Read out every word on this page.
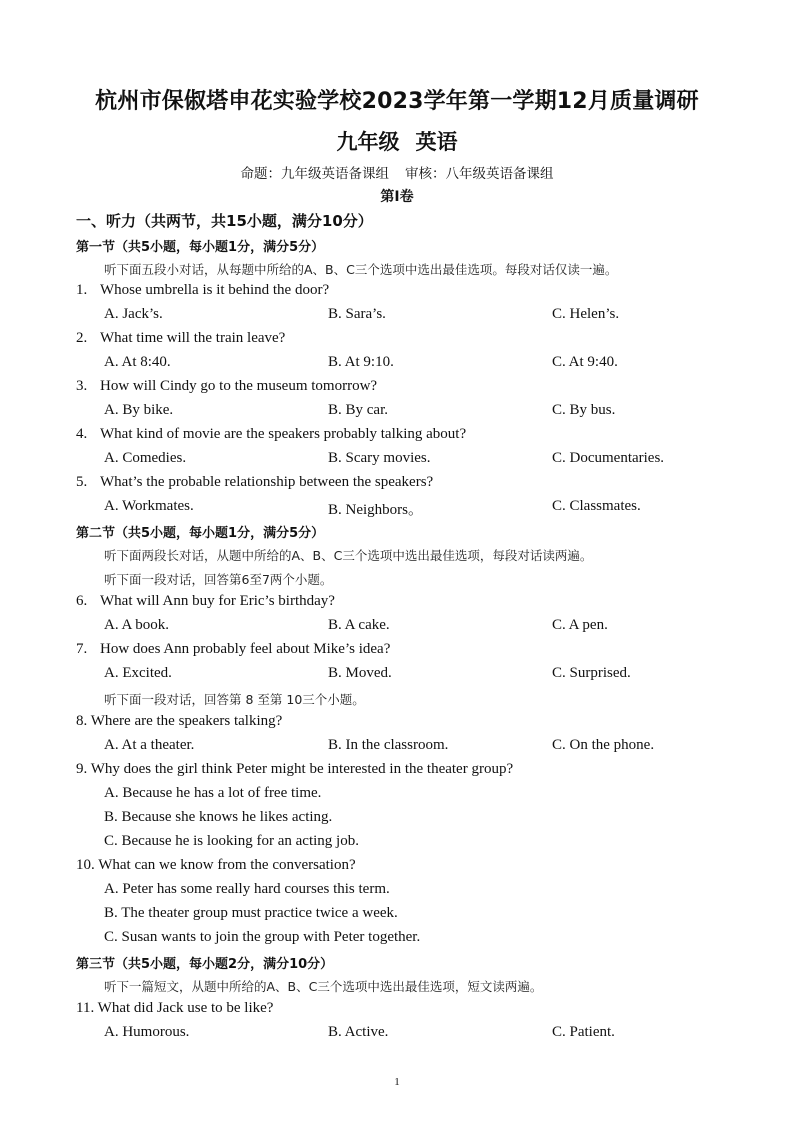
杭州市保俶塔申花实验学校2023学年第一学期12月质量调研
九年级 英语
命题：九年级英语备课组 审核：八年级英语备课组
第Ⅰ卷
一、听力（共两节，共15小题，满分10分）
第一节（共5小题，每小题1分，满分5分）
听下面五段小对话，从每题中所给的A、B、C三个选项中选出最佳选项。每段对话仅读一遍。
1. Whose umbrella is it behind the door?
A. Jack’s.	B. Sara’s.	C. Helen’s.
2. What time will the train leave?
A. At 8:40.	B. At 9:10.	C. At 9:40.
3. How will Cindy go to the museum tomorrow?
A. By bike.	B. By car.	C. By bus.
4. What kind of movie are the speakers probably talking about?
A. Comedies.	B. Scary movies.	C. Documentaries.
5. What’s the probable relationship between the speakers?
A. Workmates.	B. Neighbors。	C. Classmates.
第二节（共5小题，每小题1分，满分5分）
听下面两段长对话，从题中所给的A、B、C三个选项中选出最佳选项，每段对话读两遍。
听下面一段对话，回答第6至7两个小题。
6. What will Ann buy for Eric’s birthday?
A. A book.	B. A cake.	C. A pen.
7. How does Ann probably feel about Mike’s idea?
A. Excited.	B. Moved.	C. Surprised.
听下面一段对话，回答第 8 至第 10三个小题。
8. Where are the speakers talking?
A. At a theater.	B. In the classroom.	C. On the phone.
9. Why does the girl think Peter might be interested in the theater group?
A. Because he has a lot of free time.
B. Because she knows he likes acting.
C. Because he is looking for an acting job.
10. What can we know from the conversation?
A. Peter has some really hard courses this term.
B. The theater group must practice twice a week.
C. Susan wants to join the group with Peter together.
第三节（共5小题，每小题2分，满分10分）
听下一篇短文，从题中所给的A、B、C三个选项中选出最佳选项，短文读两遍。
11. What did Jack use to be like?
A. Humorous.	B. Active.	C. Patient.
1
